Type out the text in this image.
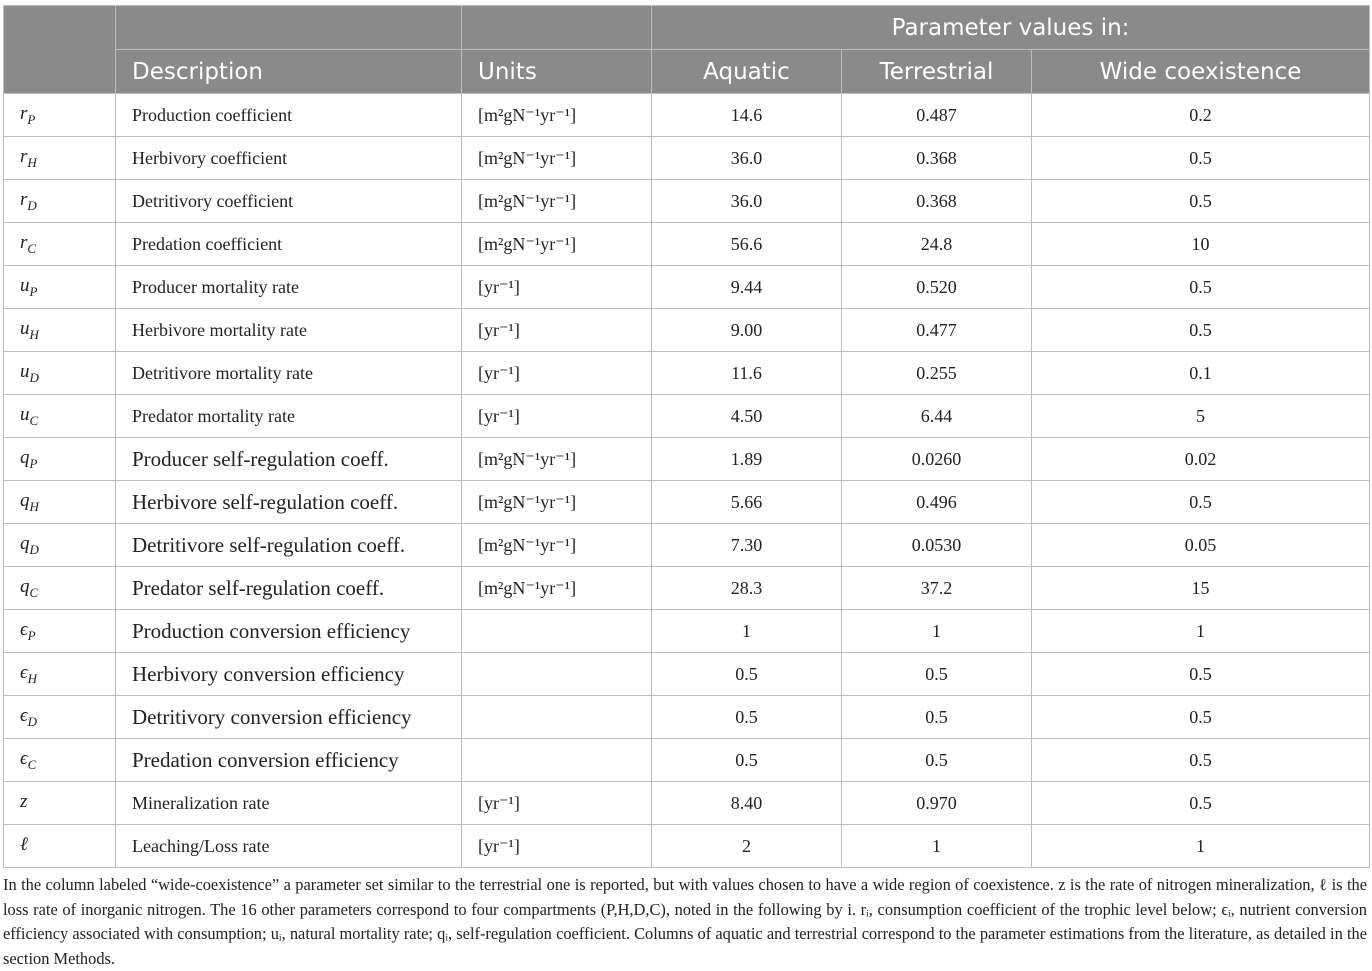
			Parameter values in:		
	Description	Units	Aquatic	Terrestrial	Wide coexistence
$r_P$	Production coefficient	[m²gN⁻¹yr⁻¹]	14.6	0.487	0.2
$r_H$	Herbivory coefficient	[m²gN⁻¹yr⁻¹]	36.0	0.368	0.5
$r_D$	Detritivory coefficient	[m²gN⁻¹yr⁻¹]	36.0	0.368	0.5
$r_C$	Predation coefficient	[m²gN⁻¹yr⁻¹]	56.6	24.8	10
$u_P$	Producer mortality rate	[yr⁻¹]	9.44	0.520	0.5
$u_H$	Herbivore mortality rate	[yr⁻¹]	9.00	0.477	0.5
$u_D$	Detritivore mortality rate	[yr⁻¹]	11.6	0.255	0.1
$u_C$	Predator mortality rate	[yr⁻¹]	4.50	6.44	5
$q_P$	Producer self-regulation coeff.	[m²gN⁻¹yr⁻¹]	1.89	0.0260	0.02
$q_H$	Herbivore self-regulation coeff.	[m²gN⁻¹yr⁻¹]	5.66	0.496	0.5
$q_D$	Detritivore self-regulation coeff.	[m²gN⁻¹yr⁻¹]	7.30	0.0530	0.05
$q_C$	Predator self-regulation coeff.	[m²gN⁻¹yr⁻¹]	28.3	37.2	15
$\epsilon_P$	Production conversion efficiency		1	1	1
$\epsilon_H$	Herbivory conversion efficiency		0.5	0.5	0.5
$\epsilon_D$	Detritivory conversion efficiency		0.5	0.5	0.5
$\epsilon_C$	Predation conversion efficiency		0.5	0.5	0.5
z	Mineralization rate	[yr⁻¹]	8.40	0.970	0.5
ℓ	Leaching/Loss rate	[yr⁻¹]	2	1	1
In the column labeled “wide-coexistence” a parameter set similar to the terrestrial one is reported, but with values chosen to have a wide region of coexistence. z is the rate of nitrogen mineralization, ℓ is the loss rate of inorganic nitrogen. The 16 other parameters correspond to four compartments (P,H,D,C), noted in the following by i. rᵢ, consumption coefficient of the trophic level below; ϵᵢ, nutrient conversion efficiency associated with consumption; uᵢ, natural mortality rate; qᵢ, self-regulation coefficient. Columns of aquatic and terrestrial correspond to the parameter estimations from the literature, as detailed in the section Methods.
